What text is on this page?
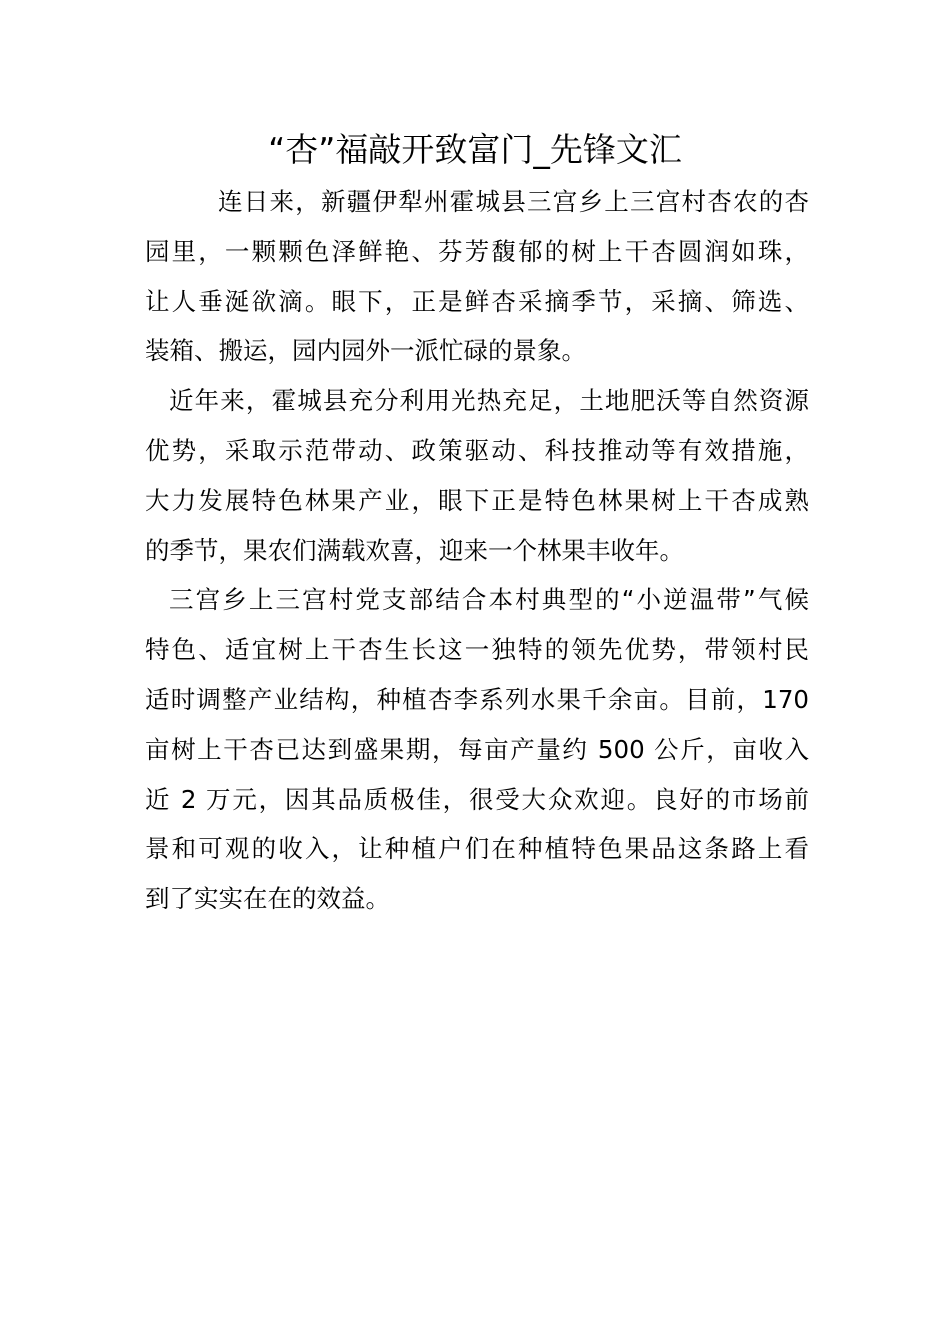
“杏”福敲开致富门_先锋文汇
连日来，新疆伊犁州霍城县三宫乡上三宫村杏农的杏
园里，一颗颗色泽鲜艳、芬芳馥郁的树上干杏圆润如珠，
让人垂涎欲滴。眼下，正是鲜杏采摘季节，采摘、筛选、
装箱、搬运，园内园外一派忙碌的景象。
近年来，霍城县充分利用光热充足，土地肥沃等自然资源
优势，采取示范带动、政策驱动、科技推动等有效措施，
大力发展特色林果产业，眼下正是特色林果树上干杏成熟
的季节，果农们满载欢喜，迎来一个林果丰收年。
三宫乡上三宫村党支部结合本村典型的“小逆温带”气候
特色、适宜树上干杏生长这一独特的领先优势，带领村民
适时调整产业结构，种植杏李系列水果千余亩。目前，170
亩树上干杏已达到盛果期，每亩产量约 500 公斤，亩收入
近 2 万元，因其品质极佳，很受大众欢迎。良好的市场前
景和可观的收入，让种植户们在种植特色果品这条路上看
到了实实在在的效益。
